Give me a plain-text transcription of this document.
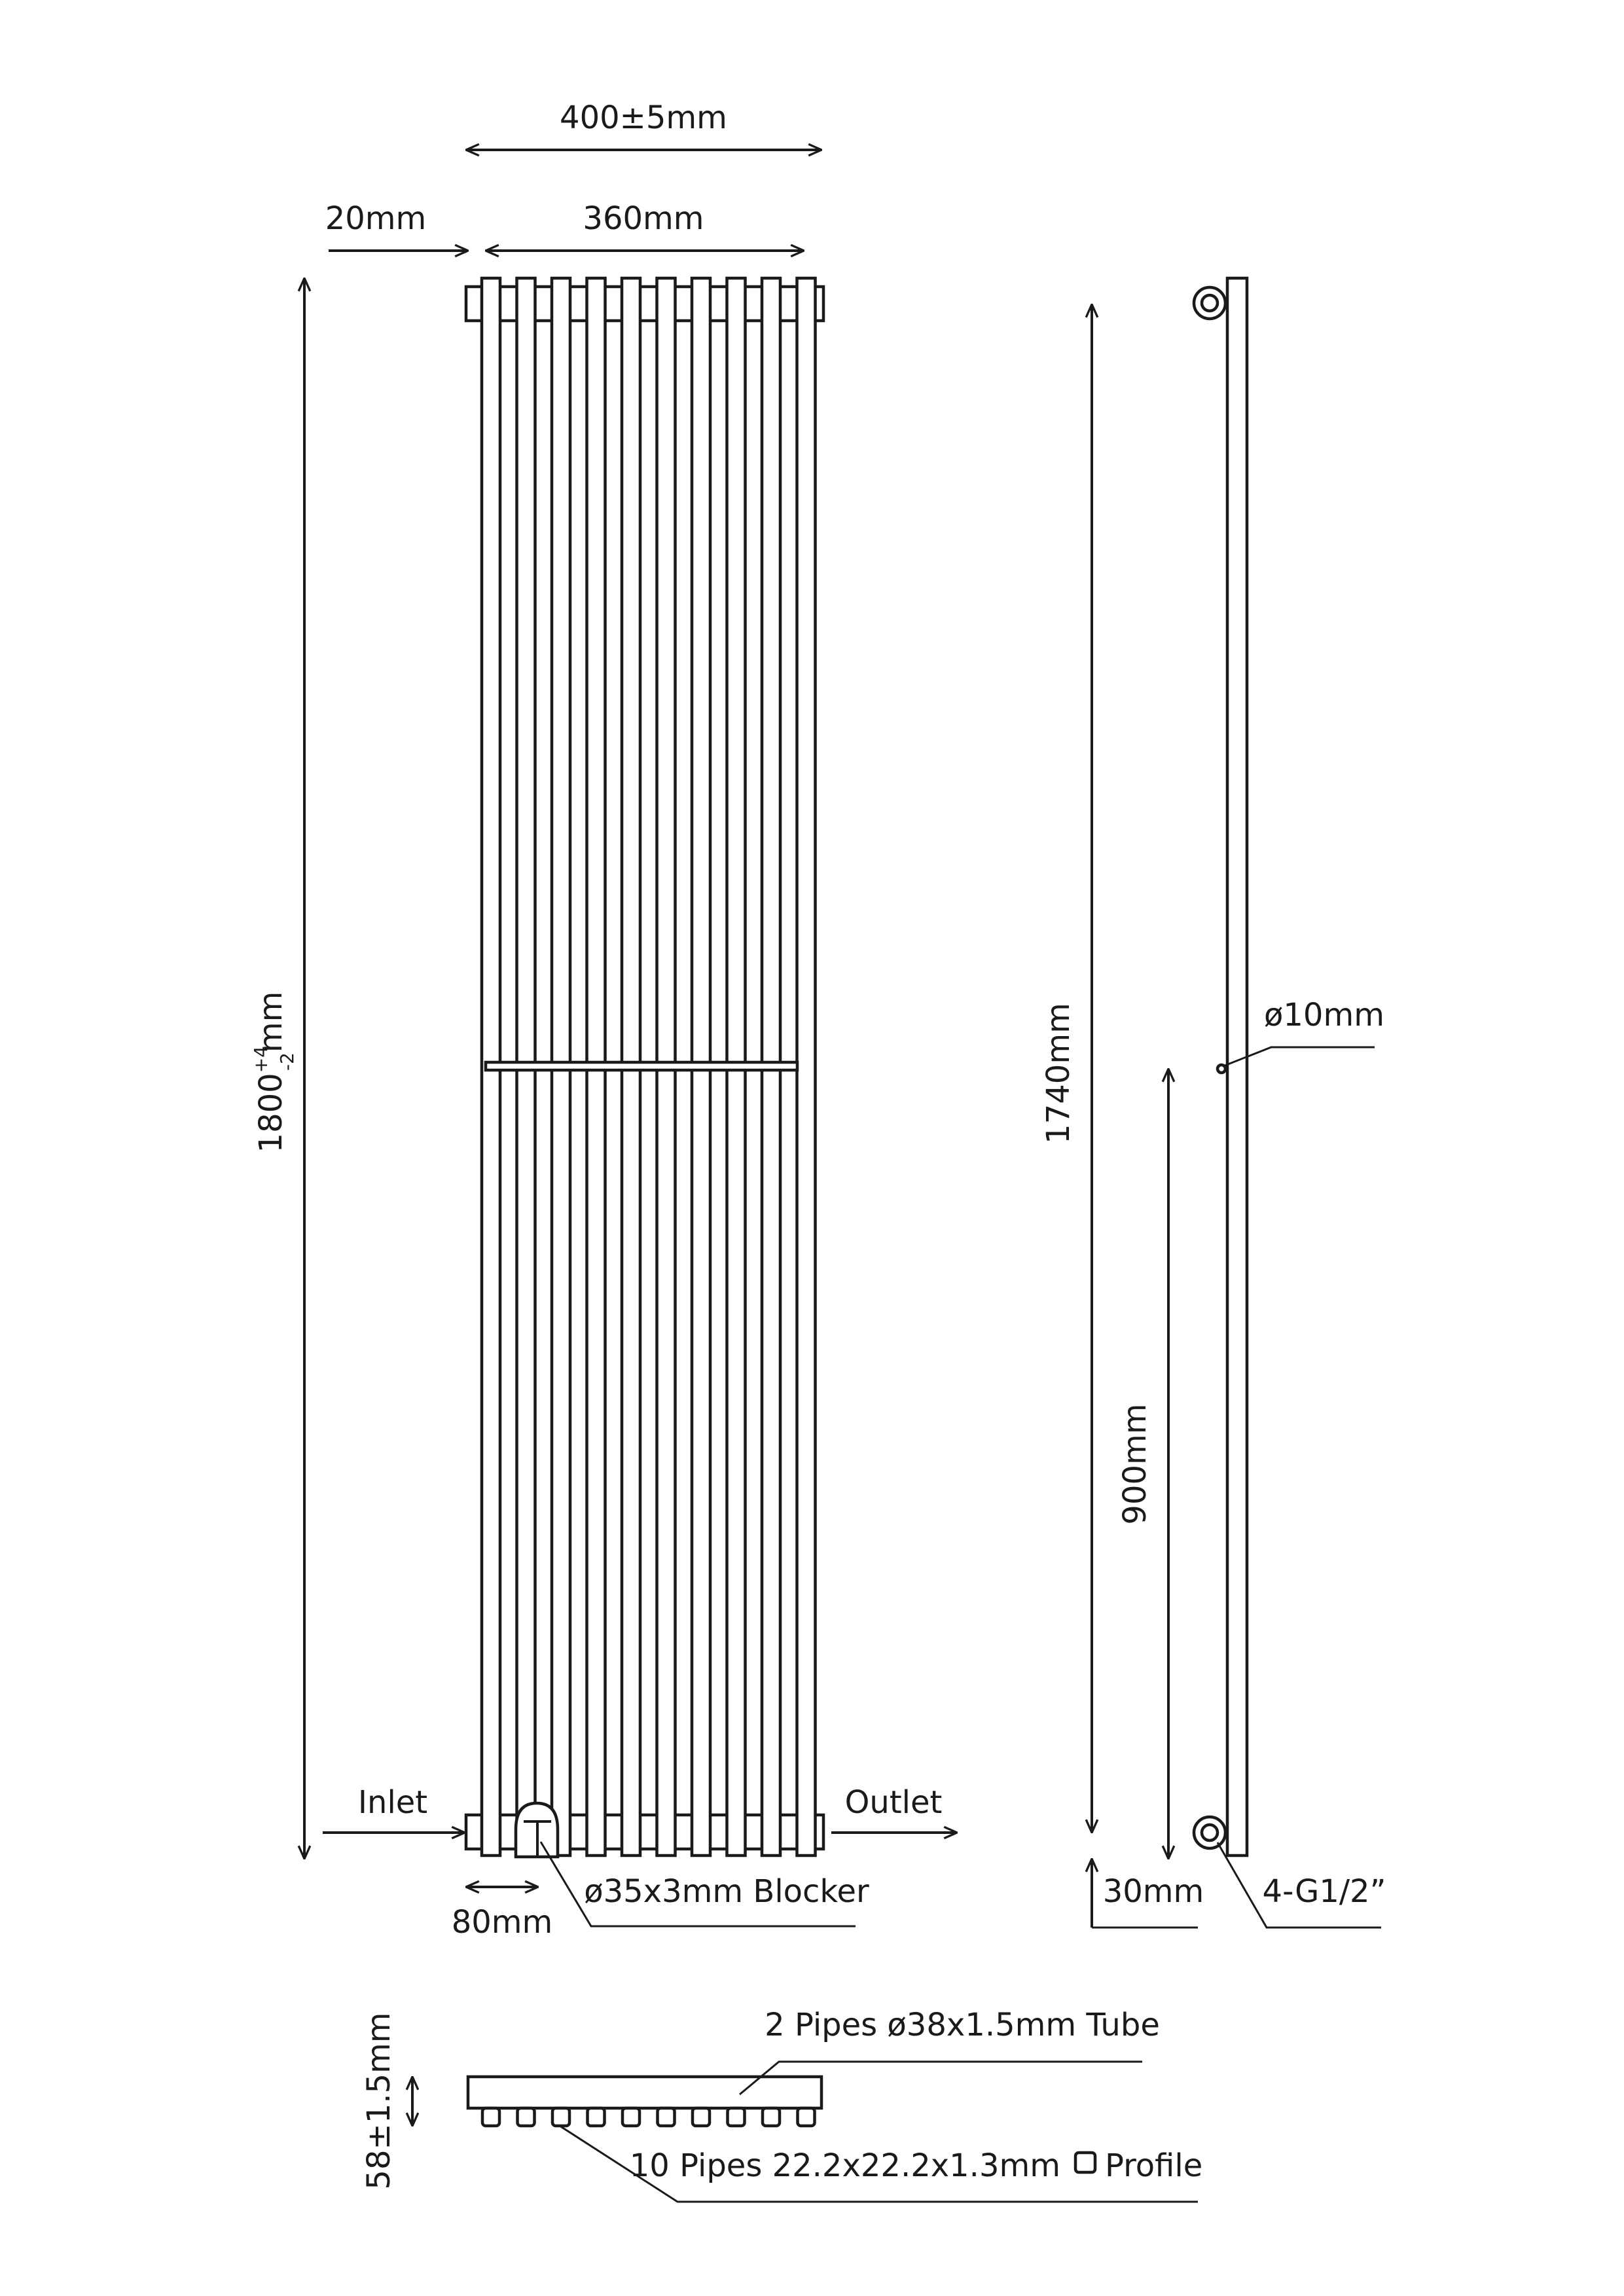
400±5mm
20mm	360mm
$1800^{+4}$ -2mm
Inlet	Outlet
80mm
ø35x3mm Blocker
ø10mm
1740mm
900mm
30mm 4-G1/2”
58±1.5mm	2 Pipes ø38x1.5mm Tube
10 Pipes 22.2x22.2x1.3mm Profile
